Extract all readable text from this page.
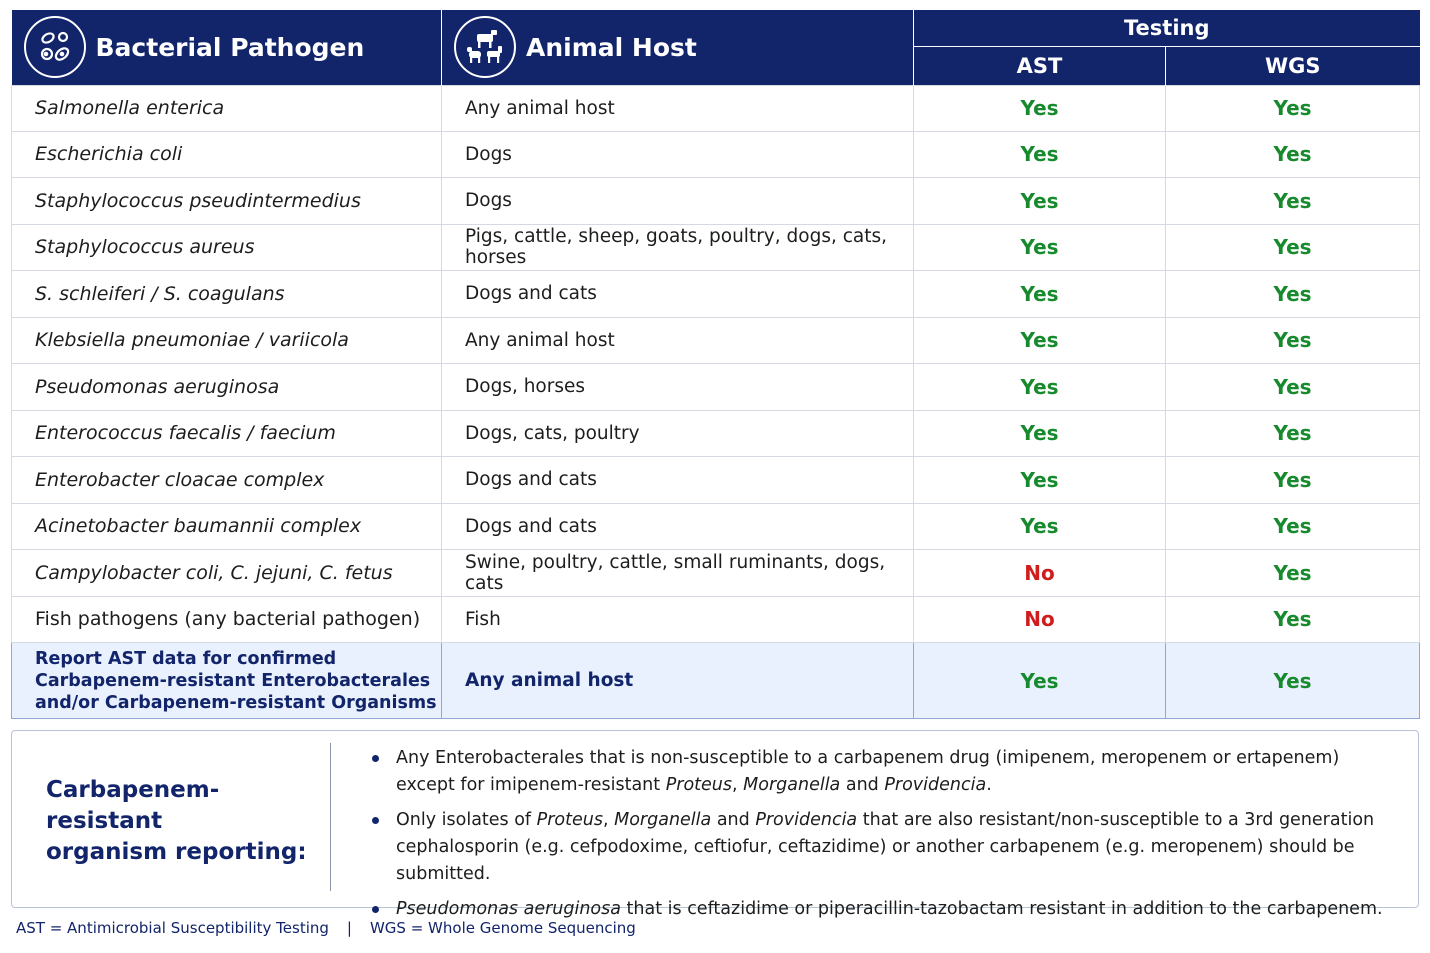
Bacterial Pathogen	Animal Host	Testing	
		AST	WGS
Salmonella enterica	Any animal host	Yes	Yes
Escherichia coli	Dogs	Yes	Yes
Staphylococcus pseudintermedius	Dogs	Yes	Yes
Staphylococcus aureus	Pigs, cattle, sheep, goats, poultry, dogs, cats, horses	Yes	Yes
S. schleiferi / S. coagulans	Dogs and cats	Yes	Yes
Klebsiella pneumoniae / variicola	Any animal host	Yes	Yes
Pseudomonas aeruginosa	Dogs, horses	Yes	Yes
Enterococcus faecalis / faecium	Dogs, cats, poultry	Yes	Yes
Enterobacter cloacae complex	Dogs and cats	Yes	Yes
Acinetobacter baumannii complex	Dogs and cats	Yes	Yes
Campylobacter coli, C. jejuni, C. fetus	Swine, poultry, cattle, small ruminants, dogs, cats	No	Yes
Fish pathogens (any bacterial pathogen)	Fish	No	Yes

Report AST data for confirmed
Carbapenem-resistant Enterobacterales
and/or Carbapenem-resistant Organisms	Any animal host	Yes	Yes
Carbapenem-resistant
organism reporting:
Any Enterobacterales that is non-susceptible to a carbapenem drug (imipenem, meropenem or ertapenem) except for imipenem-resistant Proteus, Morganella and Providencia.
Only isolates of Proteus, Morganella and Providencia that are also resistant/non-susceptible to a 3rd generation cephalosporin (e.g. cefpodoxime, ceftiofur, ceftazidime) or another carbapenem (e.g. meropenem) should be submitted.
Pseudomonas aeruginosa that is ceftazidime or piperacillin-tazobactam resistant in addition to the carbapenem.
AST = Antimicrobial Susceptibility Testing | WGS = Whole Genome Sequencing
